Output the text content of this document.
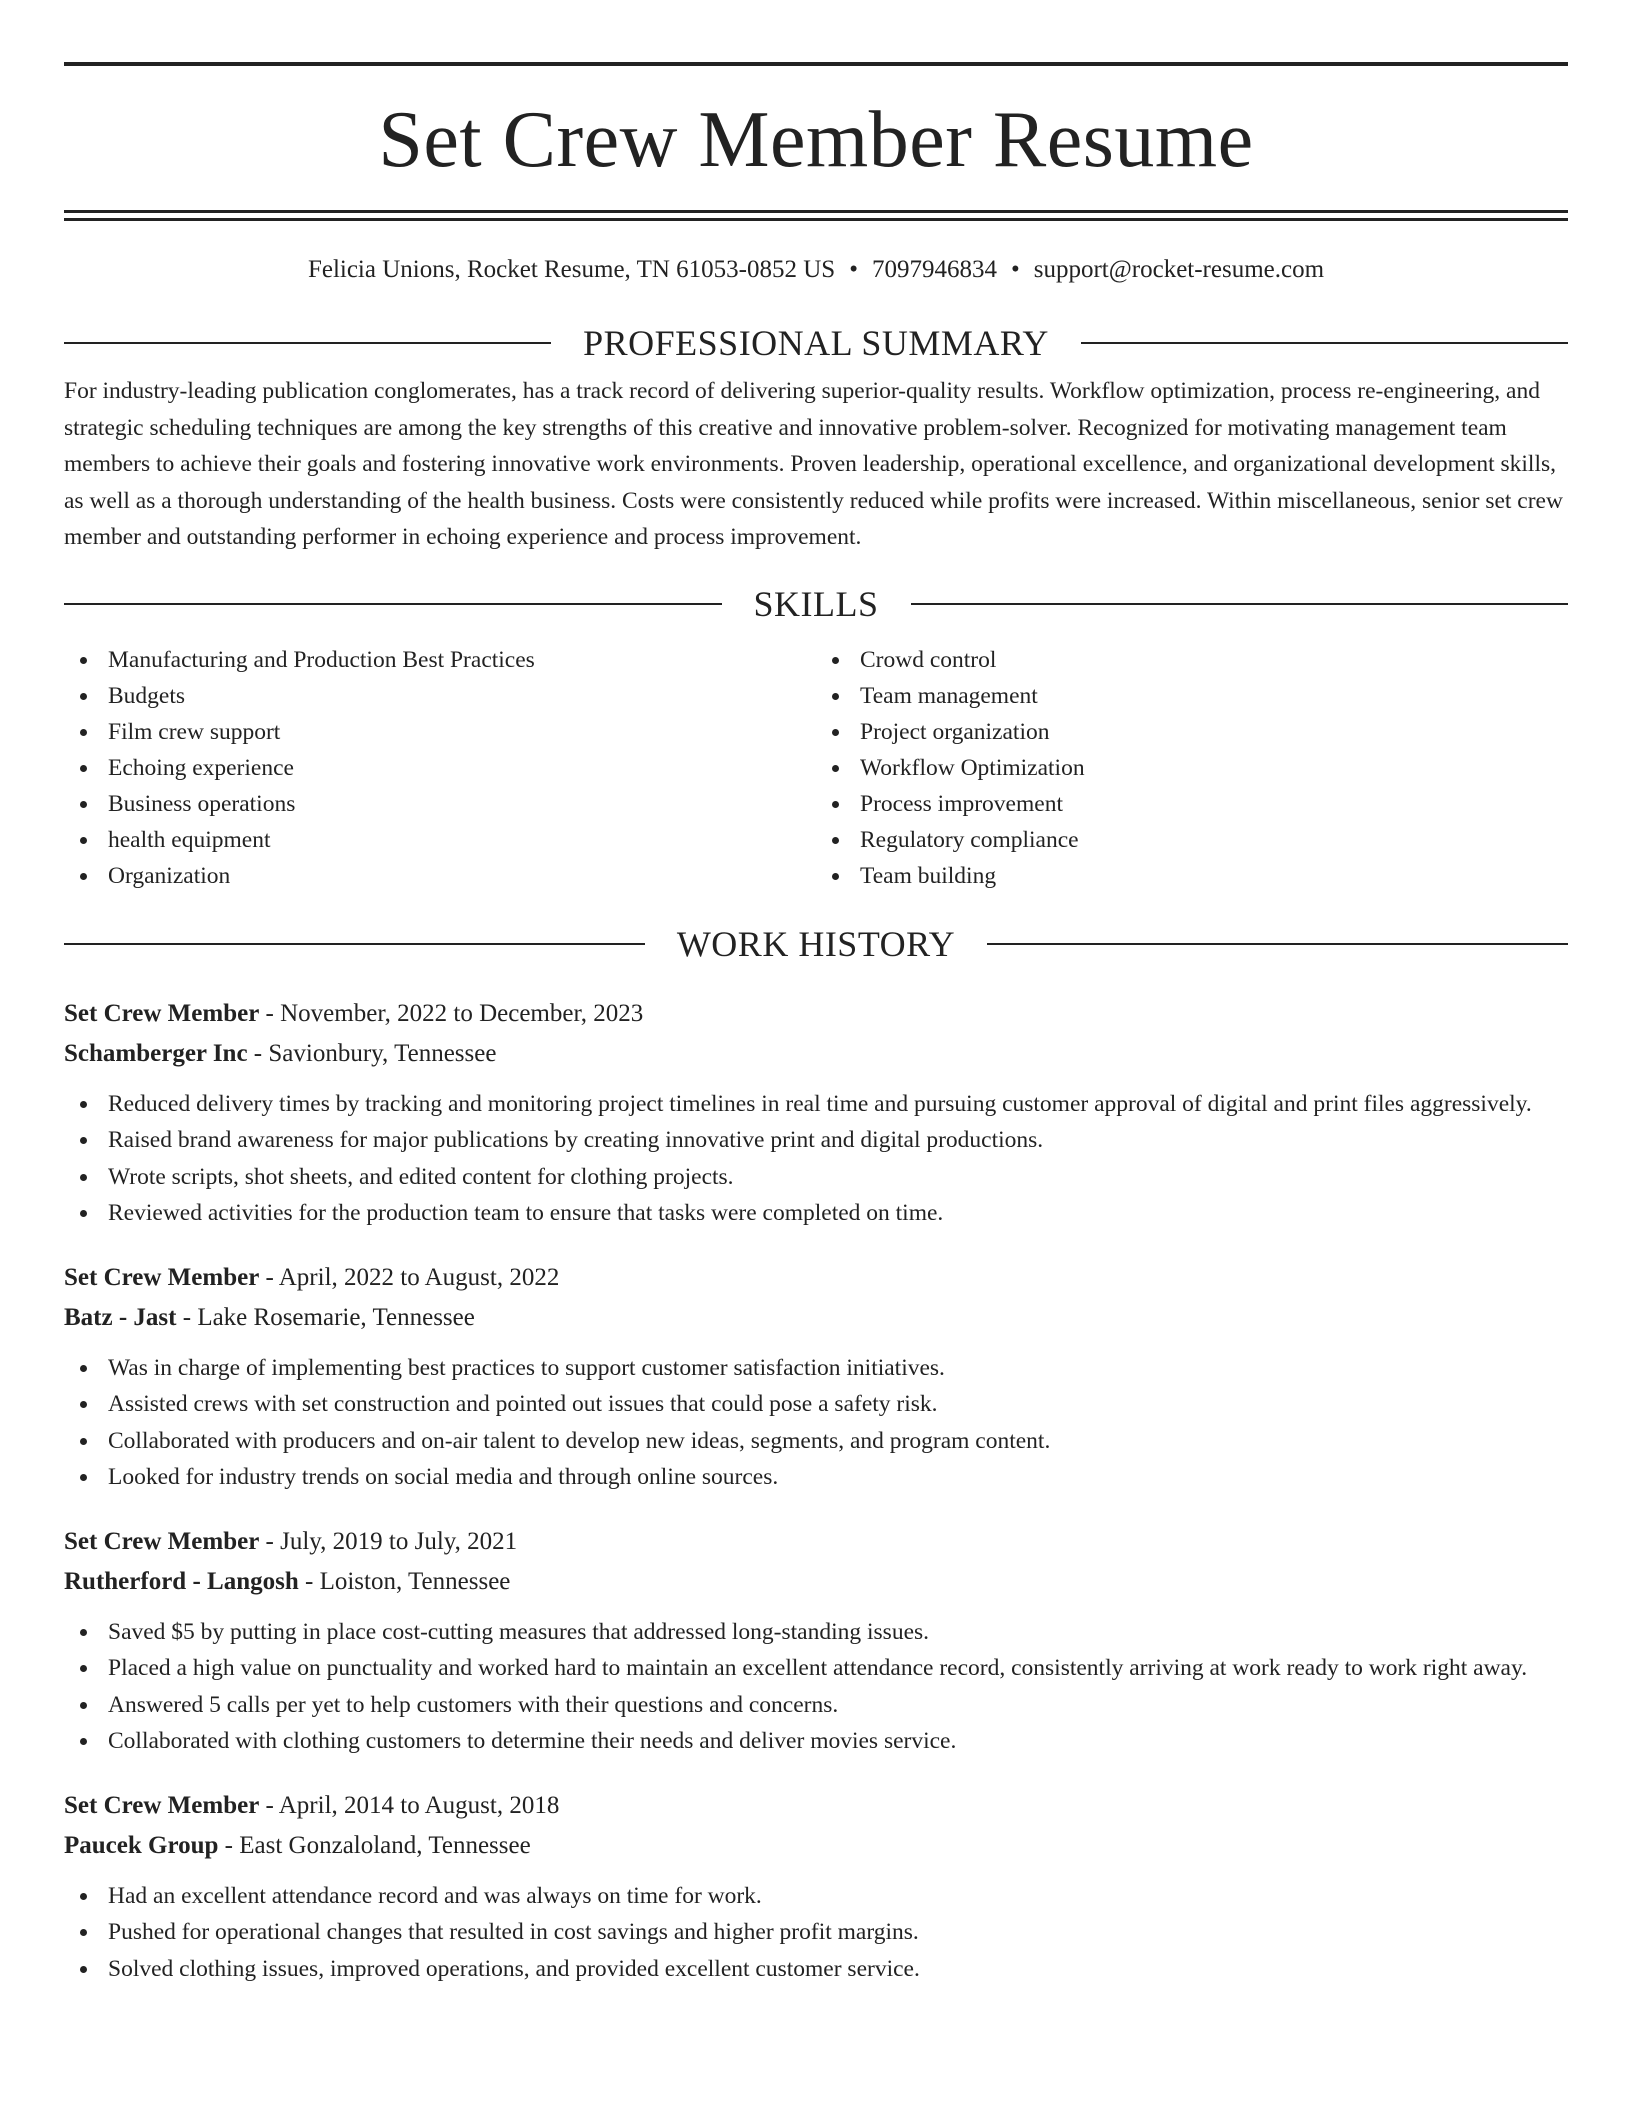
Set Crew Member Resume
Felicia Unions, Rocket Resume, TN 61053-0852 US • 7097946834 • support@rocket-resume.com
PROFESSIONAL SUMMARY

For industry-leading publication conglomerates, has a track record of delivering superior-quality results. Workflow optimization, process re-engineering, and strategic scheduling techniques are among the key strengths of this creative and innovative problem-solver. Recognized for motivating management team members to achieve their goals and fostering innovative work environments. Proven leadership, operational excellence, and organizational development skills, as well as a thorough understanding of the health business. Costs were consistently reduced while profits were increased. Within miscellaneous, senior set crew member and outstanding performer in echoing experience and process improvement.

SKILLS
Manufacturing and Production Best Practices
Budgets
Film crew support
Echoing experience
Business operations
health equipment
Organization
Crowd control
Team management
Project organization
Workflow Optimization
Process improvement
Regulatory compliance
Team building
WORK HISTORY
Set Crew Member - November, 2022 to December, 2023
Schamberger Inc - Savionbury, Tennessee
Reduced delivery times by tracking and monitoring project timelines in real time and pursuing customer approval of digital and print files aggressively.
Raised brand awareness for major publications by creating innovative print and digital productions.
Wrote scripts, shot sheets, and edited content for clothing projects.
Reviewed activities for the production team to ensure that tasks were completed on time.
Set Crew Member - April, 2022 to August, 2022
Batz - Jast - Lake Rosemarie, Tennessee
Was in charge of implementing best practices to support customer satisfaction initiatives.
Assisted crews with set construction and pointed out issues that could pose a safety risk.
Collaborated with producers and on-air talent to develop new ideas, segments, and program content.
Looked for industry trends on social media and through online sources.
Set Crew Member - July, 2019 to July, 2021
Rutherford - Langosh - Loiston, Tennessee
Saved $5 by putting in place cost-cutting measures that addressed long-standing issues.
Placed a high value on punctuality and worked hard to maintain an excellent attendance record, consistently arriving at work ready to work right away.
Answered 5 calls per yet to help customers with their questions and concerns.
Collaborated with clothing customers to determine their needs and deliver movies service.
Set Crew Member - April, 2014 to August, 2018
Paucek Group - East Gonzaloland, Tennessee
Had an excellent attendance record and was always on time for work.
Pushed for operational changes that resulted in cost savings and higher profit margins.
Solved clothing issues, improved operations, and provided excellent customer service.
